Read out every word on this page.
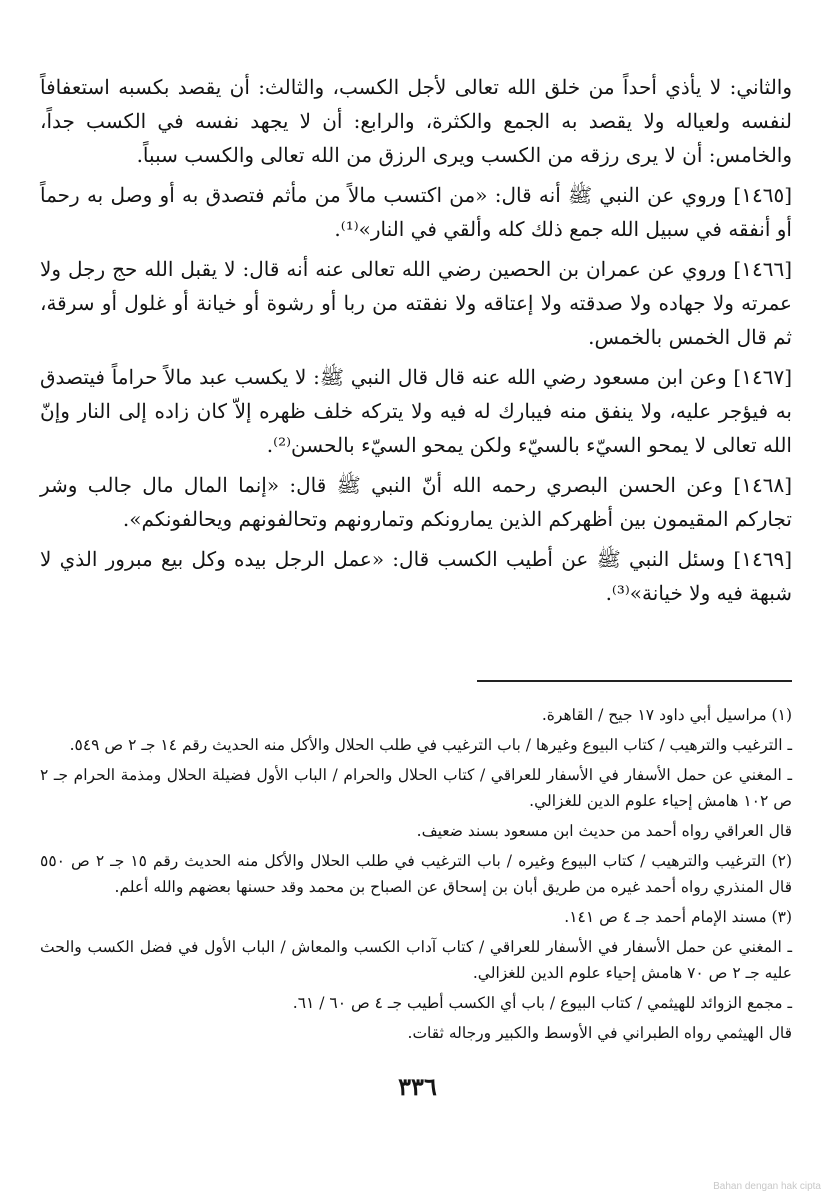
والثاني: لا يأذي أحداً من خلق الله تعالى لأجل الكسب، والثالث: أن يقصد بكسبه استعفافاً لنفسه ولعياله ولا يقصد به الجمع والكثرة، والرابع: أن لا يجهد نفسه في الكسب جداً، والخامس: أن لا يرى رزقه من الكسب ويرى الرزق من الله تعالى والكسب سبباً.

[١٤٦٥] وروي عن النبي ﷺ أنه قال: «من اكتسب مالاً من مأثم فتصدق به أو وصل به رحماً أو أنفقه في سبيل الله جمع ذلك كله وألقي في النار»⁽¹⁾.

[١٤٦٦] وروي عن عمران بن الحصين رضي الله تعالى عنه أنه قال: لا يقبل الله حج رجل ولا عمرته ولا جهاده ولا صدقته ولا إعتاقه ولا نفقته من ربا أو رشوة أو خيانة أو غلول أو سرقة، ثم قال الخمس بالخمس.

[١٤٦٧] وعن ابن مسعود رضي الله عنه قال قال النبي ﷺ: لا يكسب عبد مالاً حراماً فيتصدق به فيؤجر عليه، ولا ينفق منه فيبارك له فيه ولا يتركه خلف ظهره إلاّ كان زاده إلى النار وإنّ الله تعالى لا يمحو السيّء بالسيّء ولكن يمحو السيّء بالحسن⁽²⁾.

[١٤٦٨] وعن الحسن البصري رحمه الله أنّ النبي ﷺ قال: «إنما المال مال جالب وشر تجاركم المقيمون بين أظهركم الذين يمارونكم وتمارونهم وتحالفونهم ويحالفونكم».

[١٤٦٩] وسئل النبي ﷺ عن أطيب الكسب قال: «عمل الرجل بيده وكل بيع مبرور الذي لا شبهة فيه ولا خيانة»⁽³⁾.

(١) مراسيل أبي داود ١٧ جيح / القاهرة.

ـ الترغيب والترهيب / كتاب البيوع وغيرها / باب الترغيب في طلب الحلال والأكل منه الحديث رقم ١٤ جـ ٢ ص ٥٤٩.

ـ المغني عن حمل الأسفار في الأسفار للعراقي / كتاب الحلال والحرام / الباب الأول فضيلة الحلال ومذمة الحرام جـ ٢ ص ١٠٢ هامش إحياء علوم الدين للغزالي.

قال العراقي رواه أحمد من حديث ابن مسعود بسند ضعيف.

(٢) الترغيب والترهيب / كتاب البيوع وغيره / باب الترغيب في طلب الحلال والأكل منه الحديث رقم ١٥ جـ ٢ ص ٥٥٠ قال المنذري رواه أحمد غيره من طريق أبان بن إسحاق عن الصباح بن محمد وقد حسنها بعضهم والله أعلم.

(٣) مسند الإمام أحمد جـ ٤ ص ١٤١.

ـ المغني عن حمل الأسفار في الأسفار للعراقي / كتاب آداب الكسب والمعاش / الباب الأول في فضل الكسب والحث عليه جـ ٢ ص ٧٠ هامش إحياء علوم الدين للغزالي.

ـ مجمع الزوائد للهيثمي / كتاب البيوع / باب أي الكسب أطيب جـ ٤ ص ٦٠ / ٦١.

قال الهيثمي رواه الطبراني في الأوسط والكبير ورجاله ثقات.

٣٣٦
Bahan dengan hak cipta
